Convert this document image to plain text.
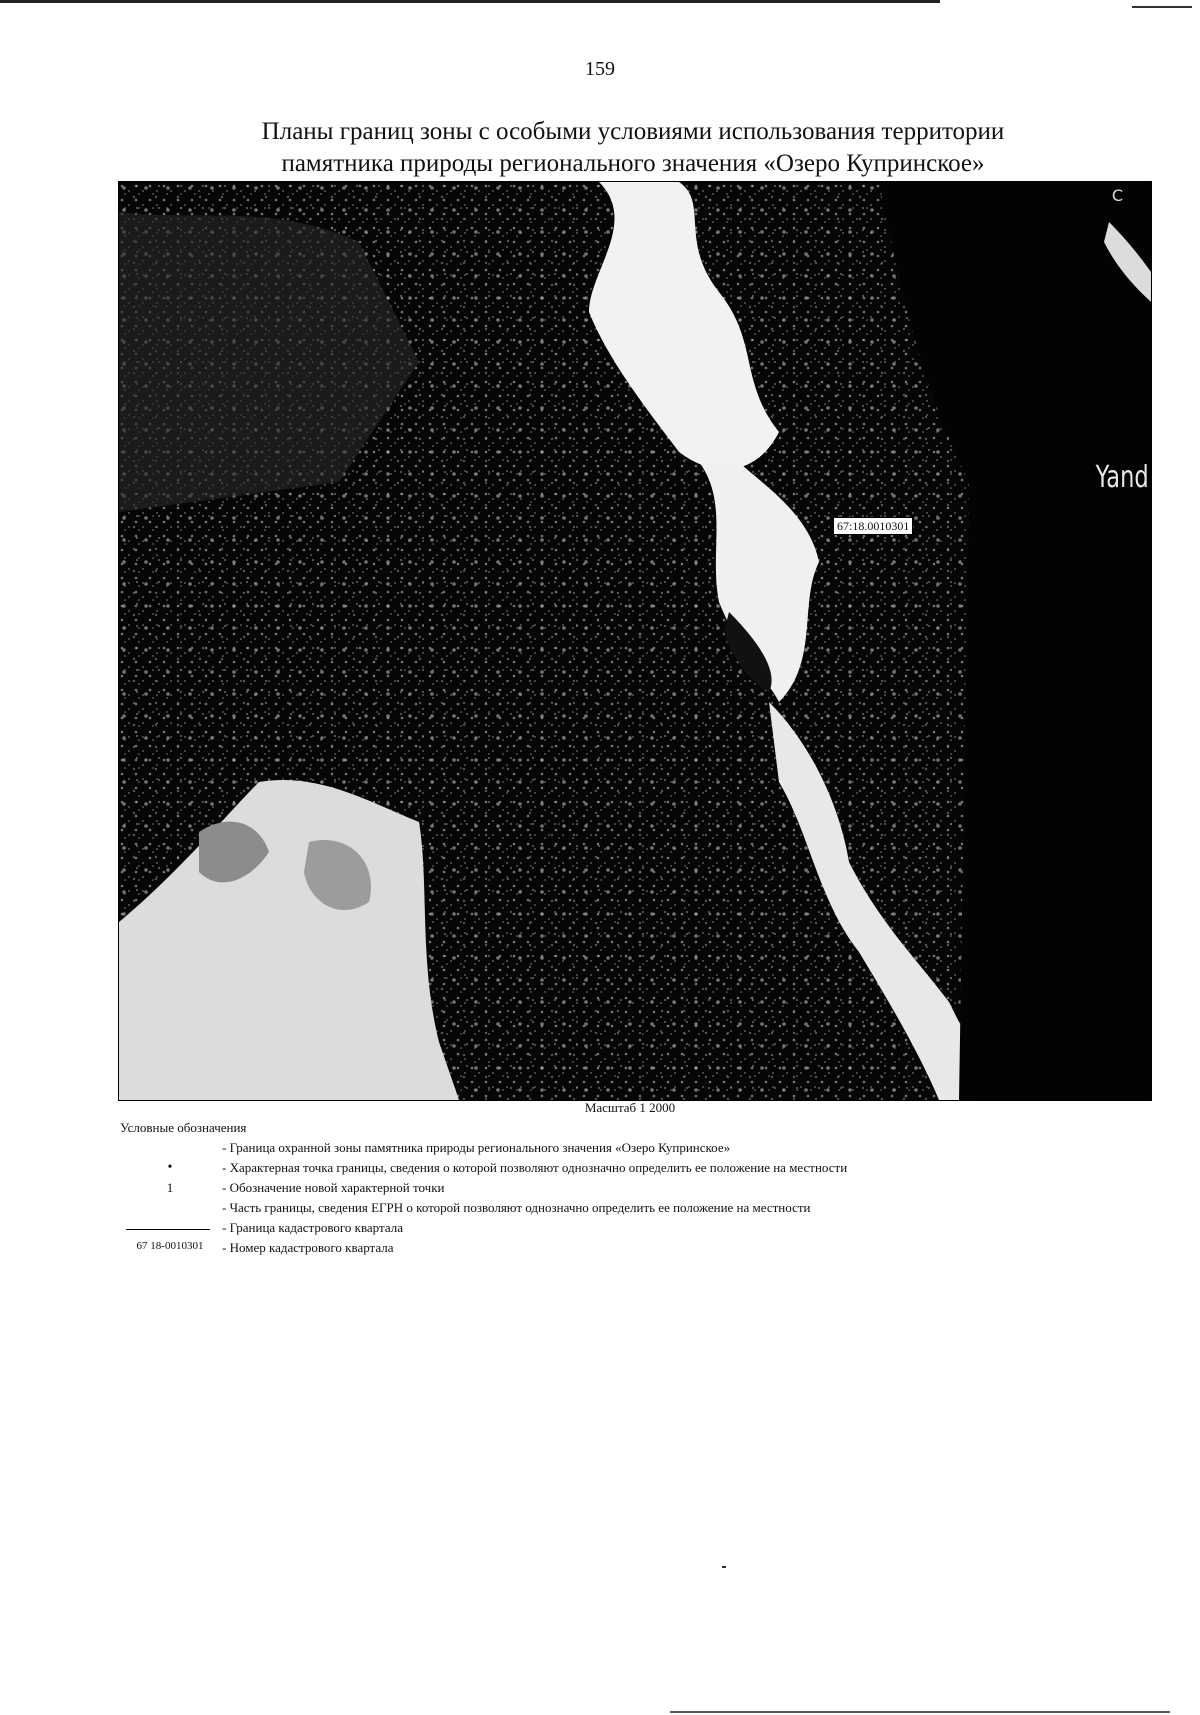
159
Планы границ зоны с особыми условиями использования территории
памятника природы регионального значения «Озеро Купринское»
67:18.0010301
Yand
C
Масштаб 1 2000
Условные обозначения
- Граница охранной зоны памятника природы регионального значения «Озеро Купринское»
•	- Характерная точка границы, сведения о которой позволяют однозначно определить ее положение на местности
1	- Обозначение новой характерной точки
- Часть границы, сведения ЕГРН о которой позволяют однозначно определить ее положение на местности
- Граница кадастрового квартала
67 18-0010301	- Номер кадастрового квартала
